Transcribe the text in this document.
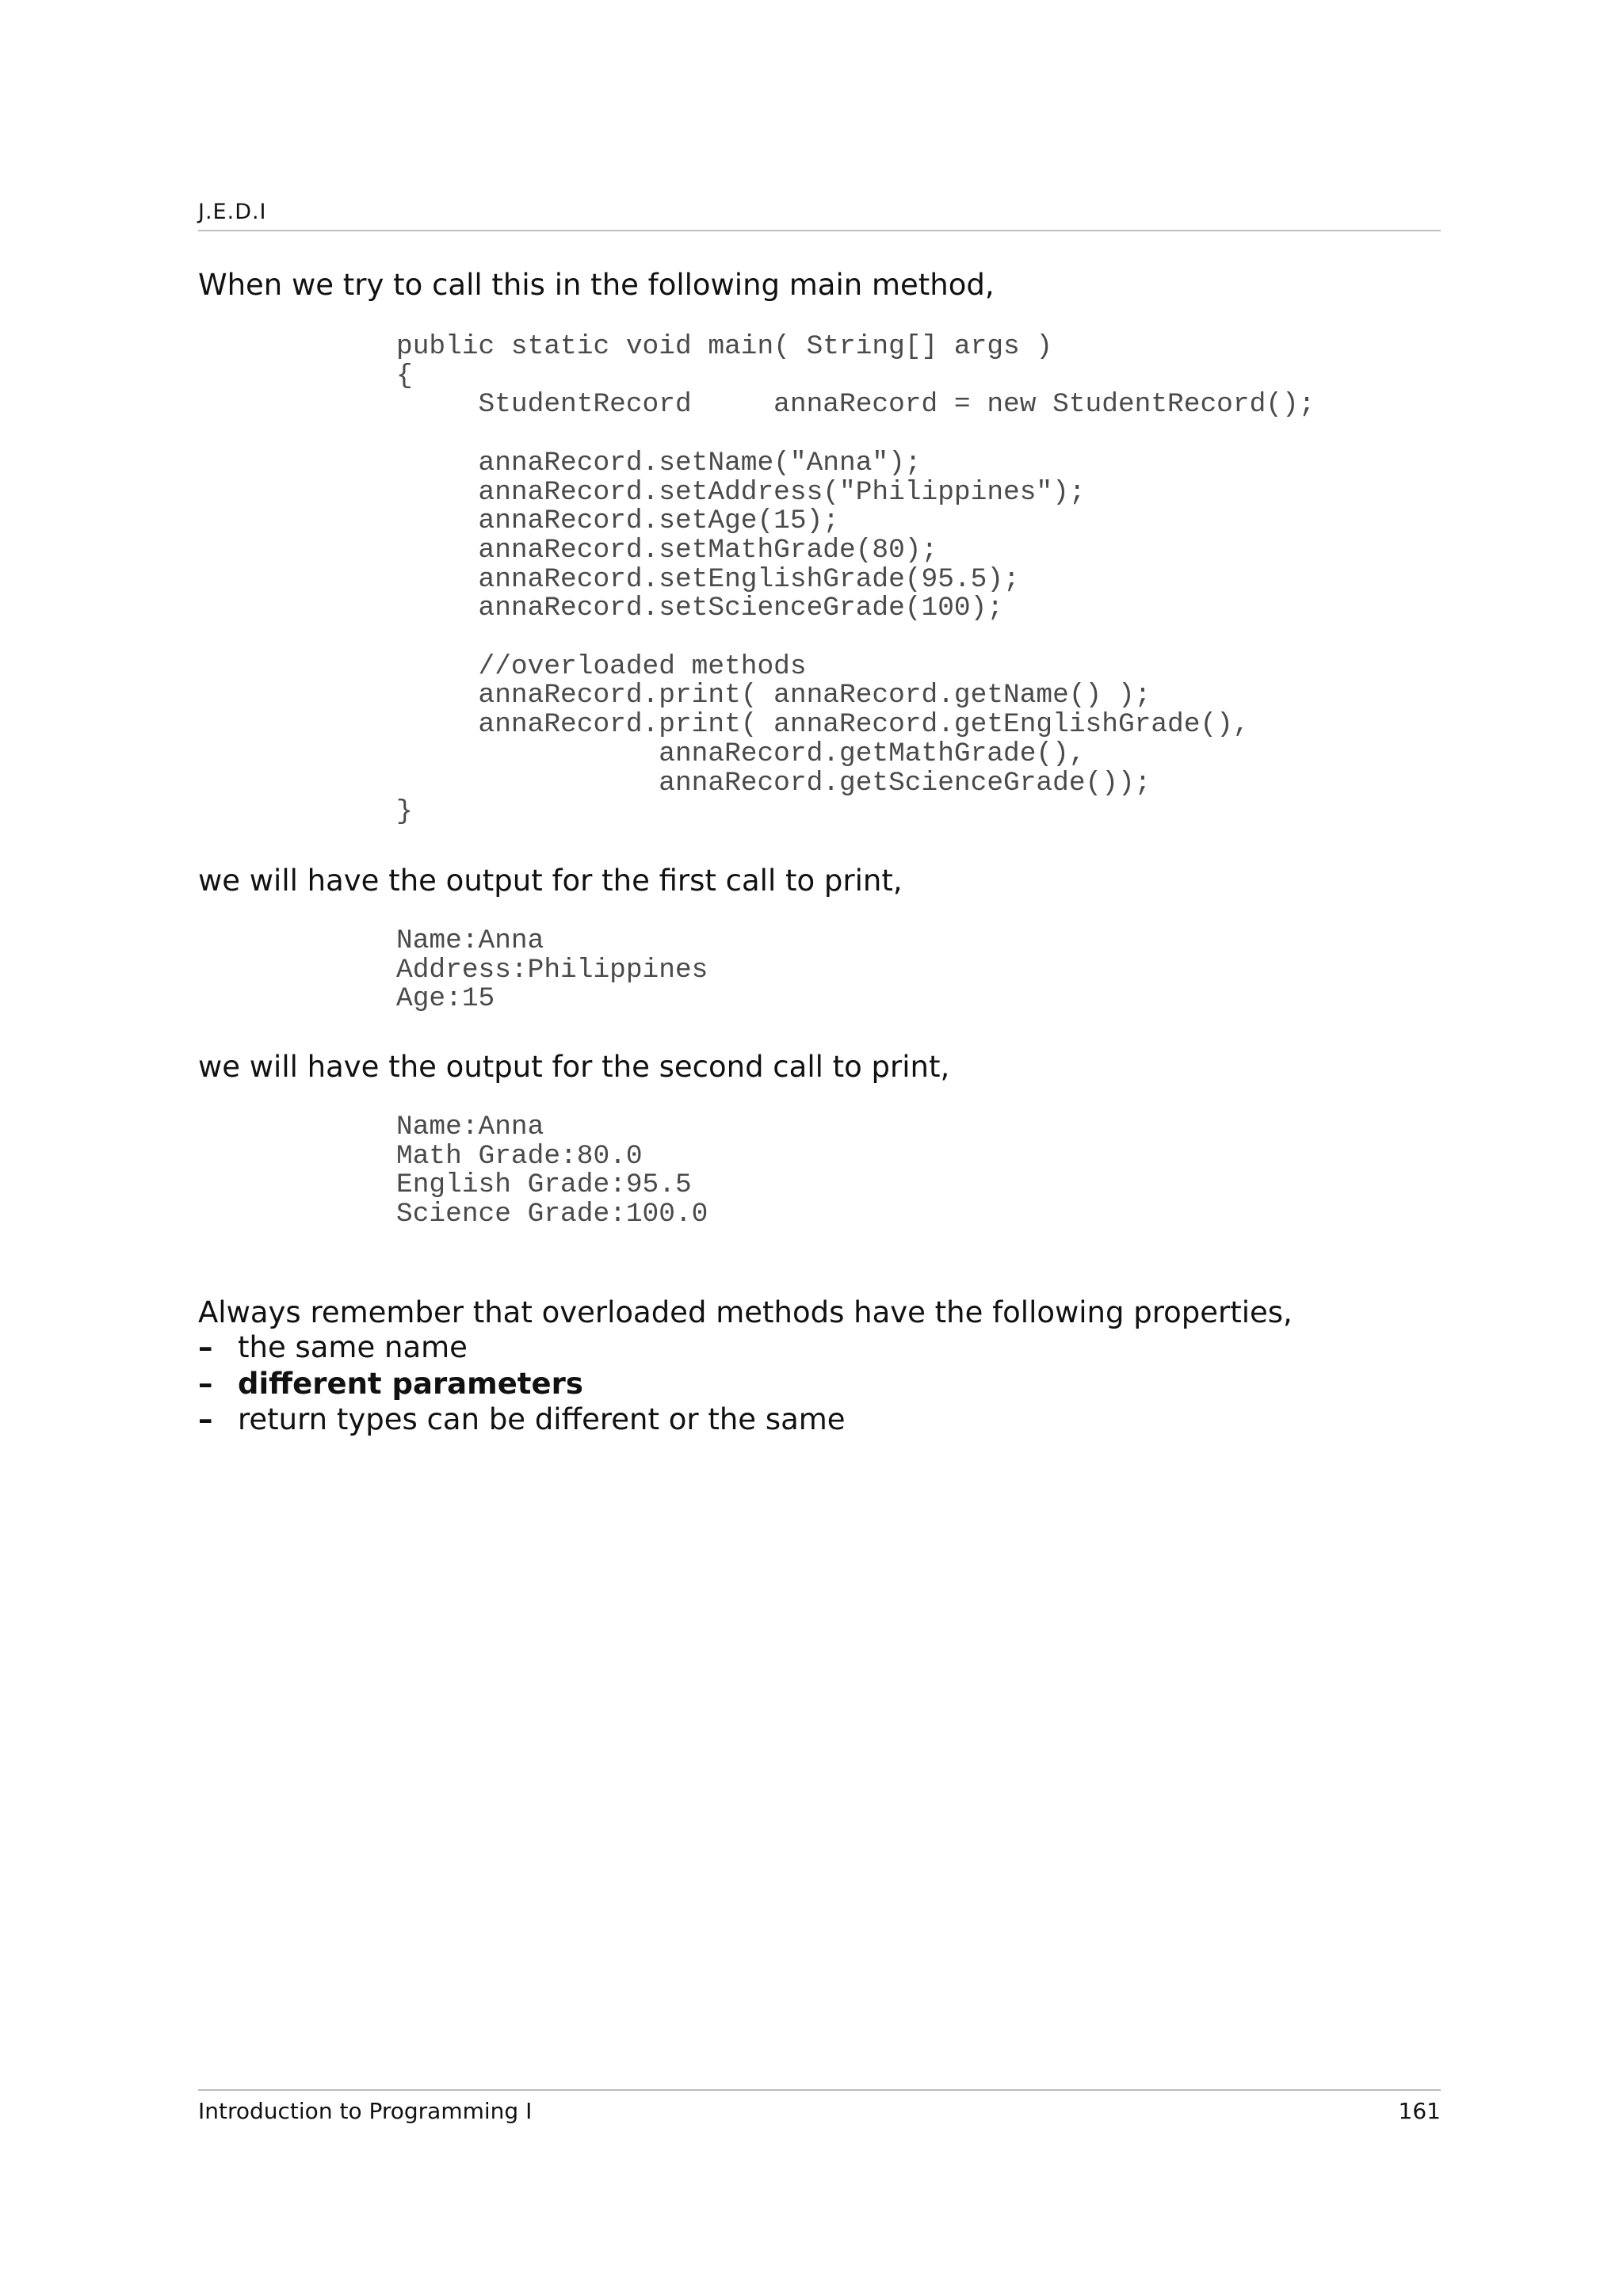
J.E.D.I
When we try to call this in the following main method,
public static void main( String[] args )
{
StudentRecord     annaRecord = new StudentRecord();

annaRecord.setName("Anna");
annaRecord.setAddress("Philippines");
annaRecord.setAge(15);
annaRecord.setMathGrade(80);
annaRecord.setEnglishGrade(95.5);
annaRecord.setScienceGrade(100);

//overloaded methods
annaRecord.print( annaRecord.getName() );
annaRecord.print( annaRecord.getEnglishGrade(),
annaRecord.getMathGrade(),
annaRecord.getScienceGrade());
}
we will have the output for the first call to print,
Name:Anna
Address:Philippines
Age:15
we will have the output for the second call to print,
Name:Anna
Math Grade:80.0
English Grade:95.5
Science Grade:100.0
Always remember that overloaded methods have the following properties,
– the same name
– different parameters
– return types can be different or the same
Introduction to Programming I	161
